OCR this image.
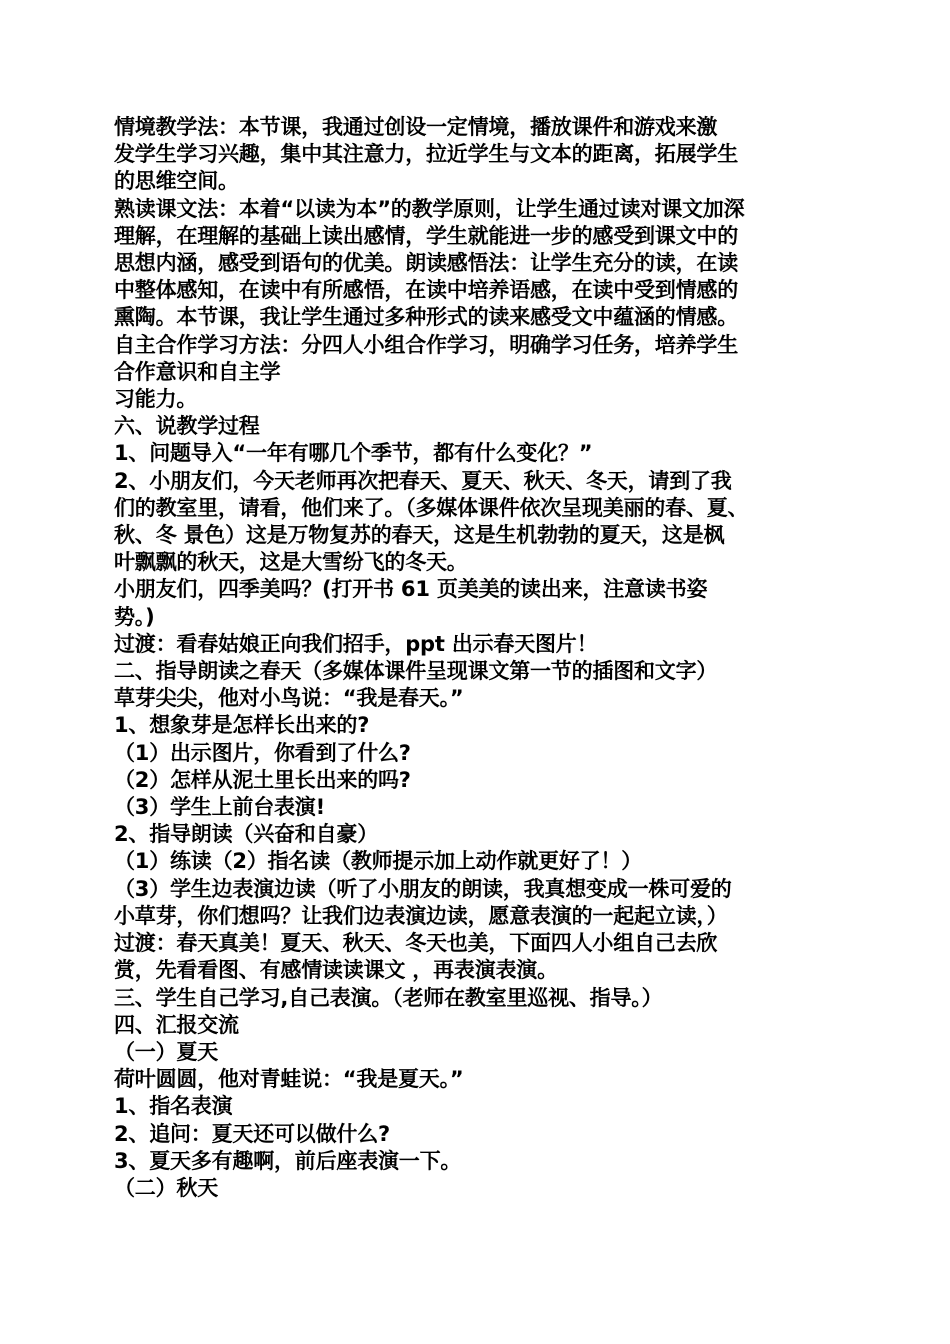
情境教学法：本节课，我通过创设一定情境，播放课件和游戏来激
发学生学习兴趣，集中其注意力，拉近学生与文本的距离，拓展学生
的思维空间。
熟读课文法：本着“以读为本”的教学原则，让学生通过读对课文加深
理解，在理解的基础上读出感情，学生就能进一步的感受到课文中的
思想内涵，感受到语句的优美。朗读感悟法：让学生充分的读，在读
中整体感知，在读中有所感悟，在读中培养语感，在读中受到情感的
熏陶。本节课，我让学生通过多种形式的读来感受文中蕴涵的情感。
自主合作学习方法：分四人小组合作学习，明确学习任务，培养学生
合作意识和自主学
习能力。
六、说教学过程
1、问题导入“一年有哪几个季节，都有什么变化？”
2、小朋友们，今天老师再次把春天、夏天、秋天、冬天，请到了我
们的教室里，请看，他们来了。（多媒体课件依次呈现美丽的春、夏、
秋、冬 景色）这是万物复苏的春天，这是生机勃勃的夏天，这是枫
叶飘飘的秋天，这是大雪纷飞的冬天。
小朋友们，四季美吗？(打开书 61 页美美的读出来，注意读书姿
势。)
过渡：看春姑娘正向我们招手，ppt 出示春天图片！
二、指导朗读之春天（多媒体课件呈现课文第一节的插图和文字）
草芽尖尖，他对小鸟说：“我是春天。”
1、想象芽是怎样长出来的?
（1）出示图片，你看到了什么?
（2）怎样从泥土里长出来的吗?
（3）学生上前台表演!
2、指导朗读（兴奋和自豪）
（1）练读（2）指名读（教师提示加上动作就更好了！）
（3）学生边表演边读（听了小朋友的朗读，我真想变成一株可爱的
小草芽，你们想吗？让我们边表演边读，愿意表演的一起起立读，）
过渡：春天真美！夏天、秋天、冬天也美，下面四人小组自己去欣
赏，先看看图、有感情读读课文 ，再表演表演。
三、学生自己学习,自己表演。（老师在教室里巡视、指导。）
四、汇报交流
（一）夏天
荷叶圆圆，他对青蛙说：“我是夏天。”
1、指名表演
2、追问：夏天还可以做什么?
3、夏天多有趣啊，前后座表演一下。
（二）秋天
